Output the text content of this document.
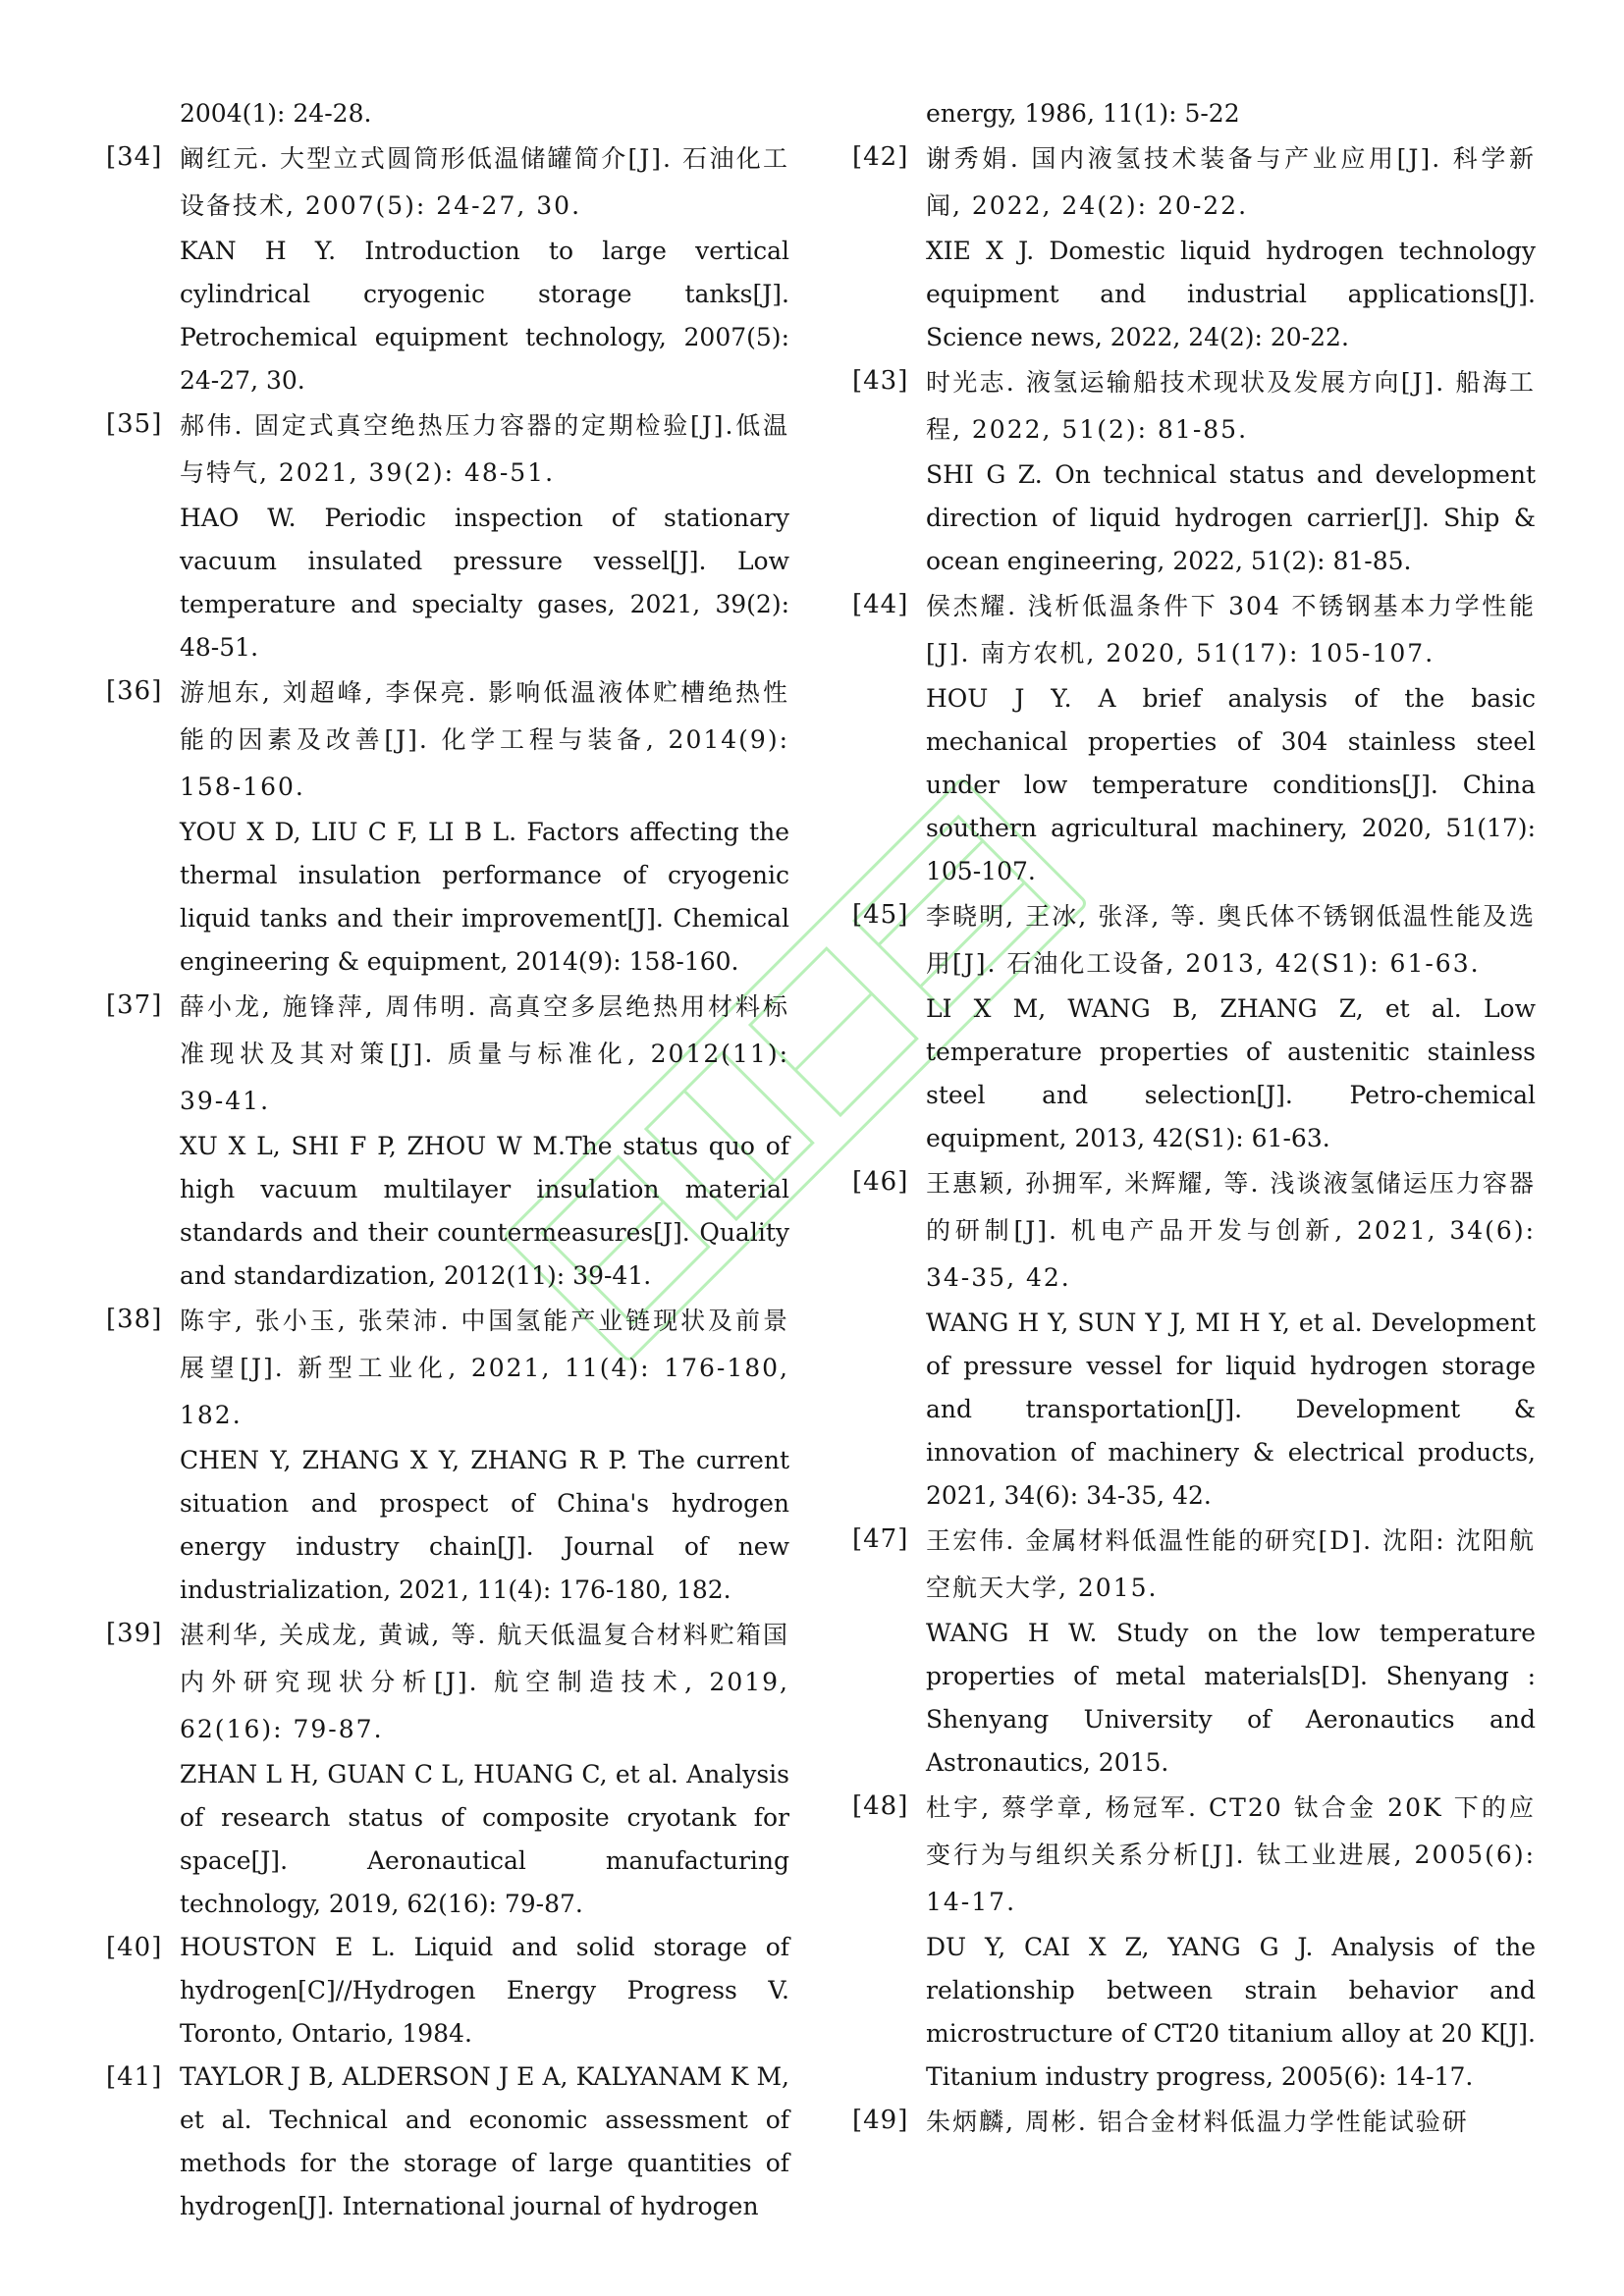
2004(1): 24-28.
[34] 阚红元. 大型立式圆筒形低温储罐简介[J]. 石油化工设备技术, 2007(5): 24-27, 30.
KAN H Y. Introduction to large vertical cylindrical cryogenic storage tanks[J]. Petrochemical equipment technology, 2007(5): 24-27, 30.
[35] 郝伟. 固定式真空绝热压力容器的定期检验[J].低温与特气, 2021, 39(2): 48-51.
HAO W. Periodic inspection of stationary vacuum insulated pressure vessel[J]. Low temperature and specialty gases, 2021, 39(2): 48-51.
[36] 游旭东, 刘超峰, 李保亮. 影响低温液体贮槽绝热性能的因素及改善[J]. 化学工程与装备, 2014(9): 158-160.
YOU X D, LIU C F, LI B L. Factors affecting the thermal insulation performance of cryogenic liquid tanks and their improvement[J]. Chemical engineering & equipment, 2014(9): 158-160.
[37] 薛小龙, 施锋萍, 周伟明. 高真空多层绝热用材料标准现状及其对策[J]. 质量与标准化, 2012(11): 39-41.
XU X L, SHI F P, ZHOU W M.The status quo of high vacuum multilayer insulation material standards and their countermeasures[J]. Quality and standardization, 2012(11): 39-41.
[38] 陈宇, 张小玉, 张荣沛. 中国氢能产业链现状及前景展望[J]. 新型工业化, 2021, 11(4): 176-180, 182.
CHEN Y, ZHANG X Y, ZHANG R P. The current situation and prospect of China's hydrogen energy industry chain[J]. Journal of new industrialization, 2021, 11(4): 176-180, 182.
[39] 湛利华, 关成龙, 黄诚, 等. 航天低温复合材料贮箱国内外研究现状分析[J]. 航空制造技术, 2019, 62(16): 79-87.
ZHAN L H, GUAN C L, HUANG C, et al. Analysis of research status of composite cryotank for space[J]. Aeronautical manufacturing technology, 2019, 62(16): 79-87.
[40] HOUSTON E L. Liquid and solid storage of hydrogen[C]//Hydrogen Energy Progress V. Toronto, Ontario, 1984.
[41] TAYLOR J B, ALDERSON J E A, KALYANAM K M, et al. Technical and economic assessment of methods for the storage of large quantities of hydrogen[J]. International journal of hydrogen
energy, 1986, 11(1): 5-22
[42] 谢秀娟. 国内液氢技术装备与产业应用[J]. 科学新闻, 2022, 24(2): 20-22.
XIE X J. Domestic liquid hydrogen technology equipment and industrial applications[J]. Science news, 2022, 24(2): 20-22.
[43] 时光志. 液氢运输船技术现状及发展方向[J]. 船海工程, 2022, 51(2): 81-85.
SHI G Z. On technical status and development direction of liquid hydrogen carrier[J]. Ship & ocean engineering, 2022, 51(2): 81-85.
[44] 侯杰耀. 浅析低温条件下 304 不锈钢基本力学性能[J]. 南方农机, 2020, 51(17): 105-107.
HOU J Y. A brief analysis of the basic mechanical properties of 304 stainless steel under low temperature conditions[J]. China southern agricultural machinery, 2020, 51(17): 105-107.
[45] 李晓明, 王冰, 张泽, 等. 奥氏体不锈钢低温性能及选用[J]. 石油化工设备, 2013, 42(S1): 61-63.
LI X M, WANG B, ZHANG Z, et al. Low temperature properties of austenitic stainless steel and selection[J]. Petro-chemical equipment, 2013, 42(S1): 61-63.
[46] 王惠颖, 孙拥军, 米辉耀, 等. 浅谈液氢储运压力容器的研制[J]. 机电产品开发与创新, 2021, 34(6): 34-35, 42.
WANG H Y, SUN Y J, MI H Y, et al. Development of pressure vessel for liquid hydrogen storage and transportation[J]. Development & innovation of machinery & electrical products, 2021, 34(6): 34-35, 42.
[47] 王宏伟. 金属材料低温性能的研究[D]. 沈阳: 沈阳航空航天大学, 2015.
WANG H W. Study on the low temperature properties of metal materials[D]. Shenyang : Shenyang University of Aeronautics and Astronautics, 2015.
[48] 杜宇, 蔡学章, 杨冠军. CT20 钛合金 20K 下的应变行为与组织关系分析[J]. 钛工业进展, 2005(6): 14-17.
DU Y, CAI X Z, YANG G J. Analysis of the relationship between strain behavior and microstructure of CT20 titanium alloy at 20 K[J]. Titanium industry progress, 2005(6): 14-17.
[49] 朱炳麟, 周彬. 铝合金材料低温力学性能试验研
